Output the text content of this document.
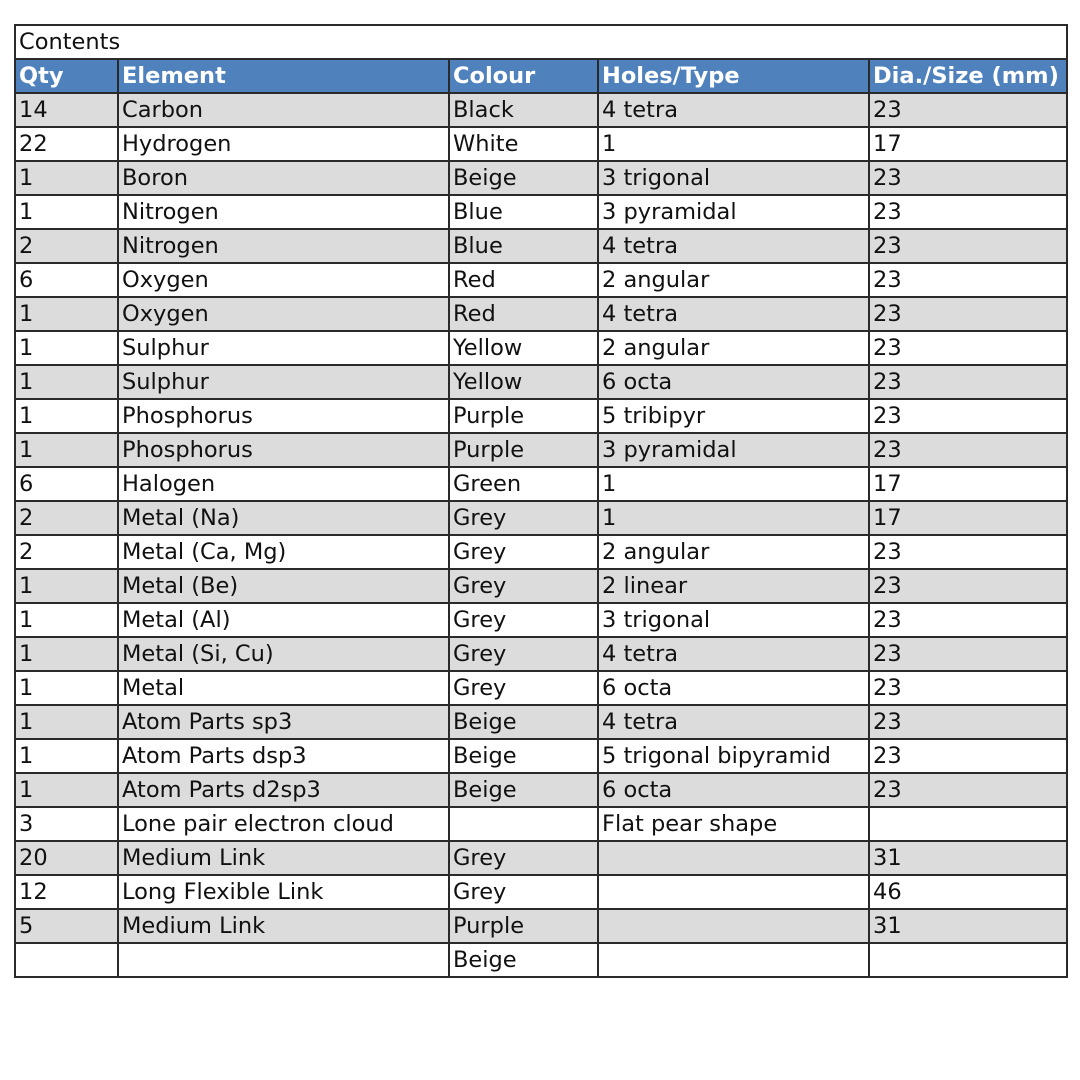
Contents				
Qty	Element	Colour	Holes/Type	Dia./Size (mm)
14	Carbon	Black	4 tetra	23
22	Hydrogen	White	1	17
1	Boron	Beige	3 trigonal	23
1	Nitrogen	Blue	3 pyramidal	23
2	Nitrogen	Blue	4 tetra	23
6	Oxygen	Red	2 angular	23
1	Oxygen	Red	4 tetra	23
1	Sulphur	Yellow	2 angular	23
1	Sulphur	Yellow	6 octa	23
1	Phosphorus	Purple	5 tribipyr	23
1	Phosphorus	Purple	3 pyramidal	23
6	Halogen	Green	1	17
2	Metal (Na)	Grey	1	17
2	Metal (Ca, Mg)	Grey	2 angular	23
1	Metal (Be)	Grey	2 linear	23
1	Metal (Al)	Grey	3 trigonal	23
1	Metal (Si, Cu)	Grey	4 tetra	23
1	Metal	Grey	6 octa	23
1	Atom Parts sp3	Beige	4 tetra	23
1	Atom Parts dsp3	Beige	5 trigonal bipyramid	23
1	Atom Parts d2sp3	Beige	6 octa	23
3	Lone pair electron cloud		Flat pear shape	
20	Medium Link	Grey		31
12	Long Flexible Link	Grey		46
5	Medium Link	Purple		31
		Beige		
